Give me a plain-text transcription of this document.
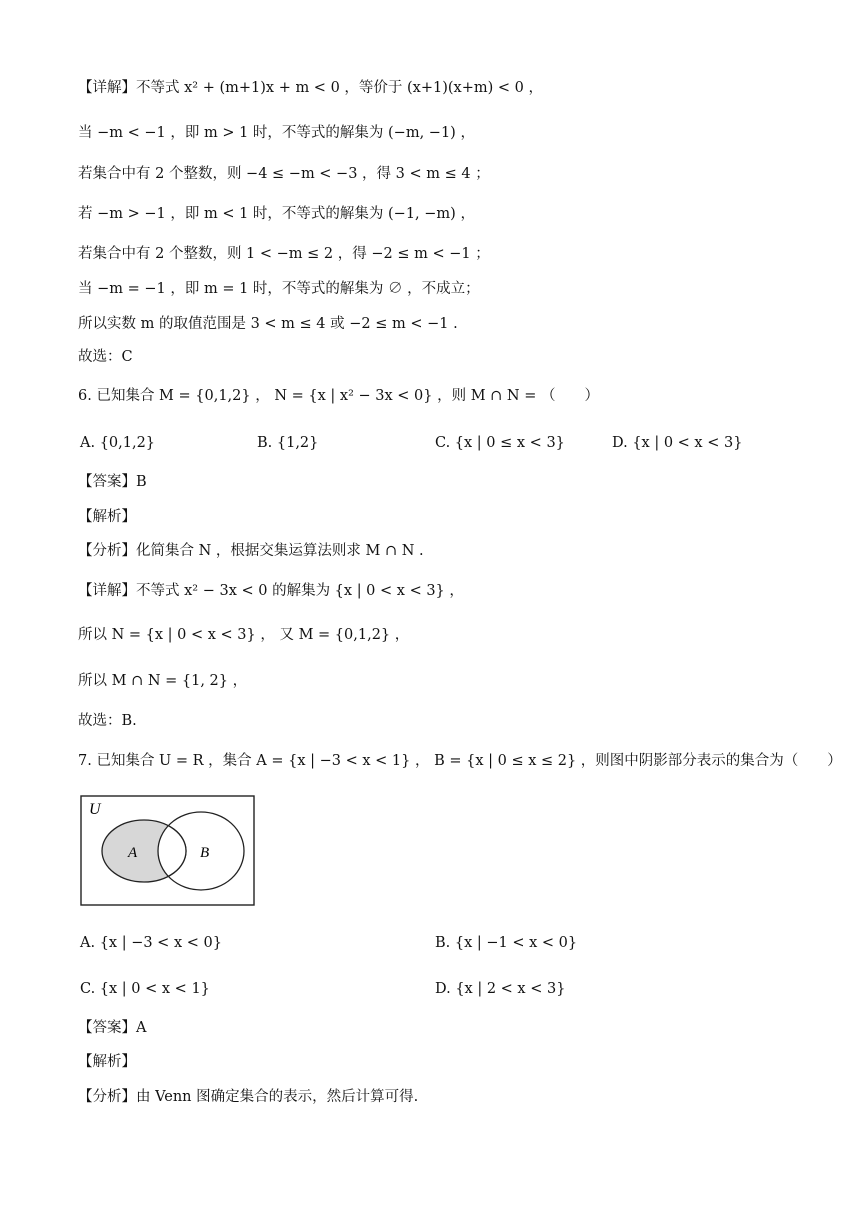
【详解】不等式 x² + (m+1)x + m < 0 ，等价于 (x+1)(x+m) < 0 ，
当 −m < −1 ，即 m > 1 时，不等式的解集为 (−m, −1) ，
若集合中有 2 个整数，则 −4 ≤ −m < −3 ，得 3 < m ≤ 4 ；
若 −m > −1 ，即 m < 1 时，不等式的解集为 (−1, −m) ，
若集合中有 2 个整数，则 1 < −m ≤ 2 ，得 −2 ≤ m < −1 ；
当 −m = −1 ，即 m = 1 时，不等式的解集为 ∅ ，不成立；
所以实数 m 的取值范围是 3 < m ≤ 4 或 −2 ≤ m < −1 .
故选：C
6. 已知集合 M = {0,1,2} ， N = {x | x² − 3x < 0} ，则 M ∩ N = （　　）
A. {0,1,2}	B. {1,2}	C. {x | 0 ≤ x < 3}	D. {x | 0 < x < 3}
【答案】B
【解析】
【分析】化简集合 N ，根据交集运算法则求 M ∩ N .
【详解】不等式 x² − 3x < 0 的解集为 {x | 0 < x < 3} ，
所以 N = {x | 0 < x < 3} ， 又 M = {0,1,2} ，
所以 M ∩ N = {1, 2} ，
故选：B.
7. 已知集合 U = R ，集合 A = {x | −3 < x < 1} ， B = {x | 0 ≤ x ≤ 2} ，则图中阴影部分表示的集合为（　　）
U
A	B
A. {x | −3 < x < 0}	B. {x | −1 < x < 0}
C. {x | 0 < x < 1}	D. {x | 2 < x < 3}
【答案】A
【解析】
【分析】由 Venn 图确定集合的表示，然后计算可得.
